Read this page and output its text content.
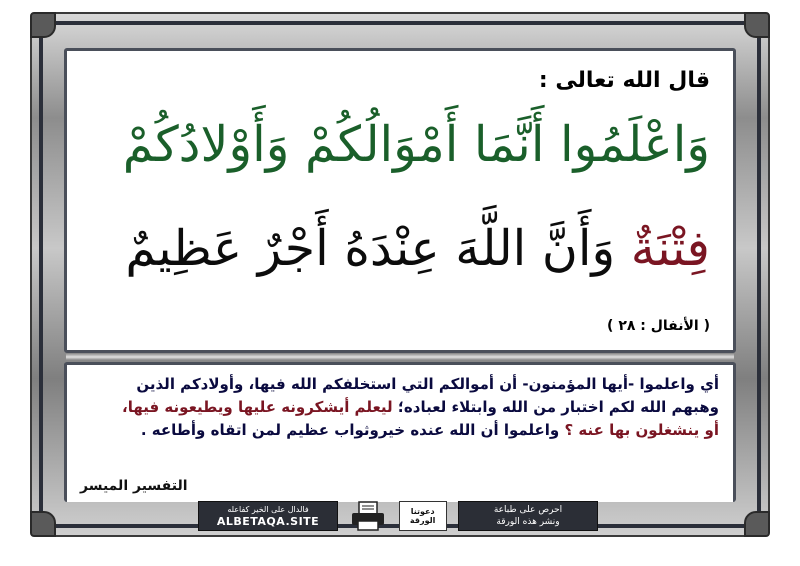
قال الله تعالى :
وَاعْلَمُوا أَنَّمَا أَمْوَالُكُمْ وَأَوْلادُكُمْ
فِتْنَةٌ وَأَنَّ اللَّهَ عِنْدَهُ أَجْرٌ عَظِيمٌ
( الأنفال : ٢٨ )
أي واعلموا -أيها المؤمنون- أن أموالكم التي استخلفكم الله فيها، وأولادكم الذين
وهبهم الله لكم اختبار من الله وابتلاء لعباده؛ ليعلم أيشكرونه عليها ويطيعونه فيها،
أو ينشغلون بها عنه ؟ واعلموا أن الله عنده خيروثواب عظيم لمن اتقاه وأطاعه .
التفسير الميسر
فالدال على الخير كفاعله
ALBETAQA.SITE
دعوتنا الورقة
احرص على طباعة
ونشر هذه الورقة
